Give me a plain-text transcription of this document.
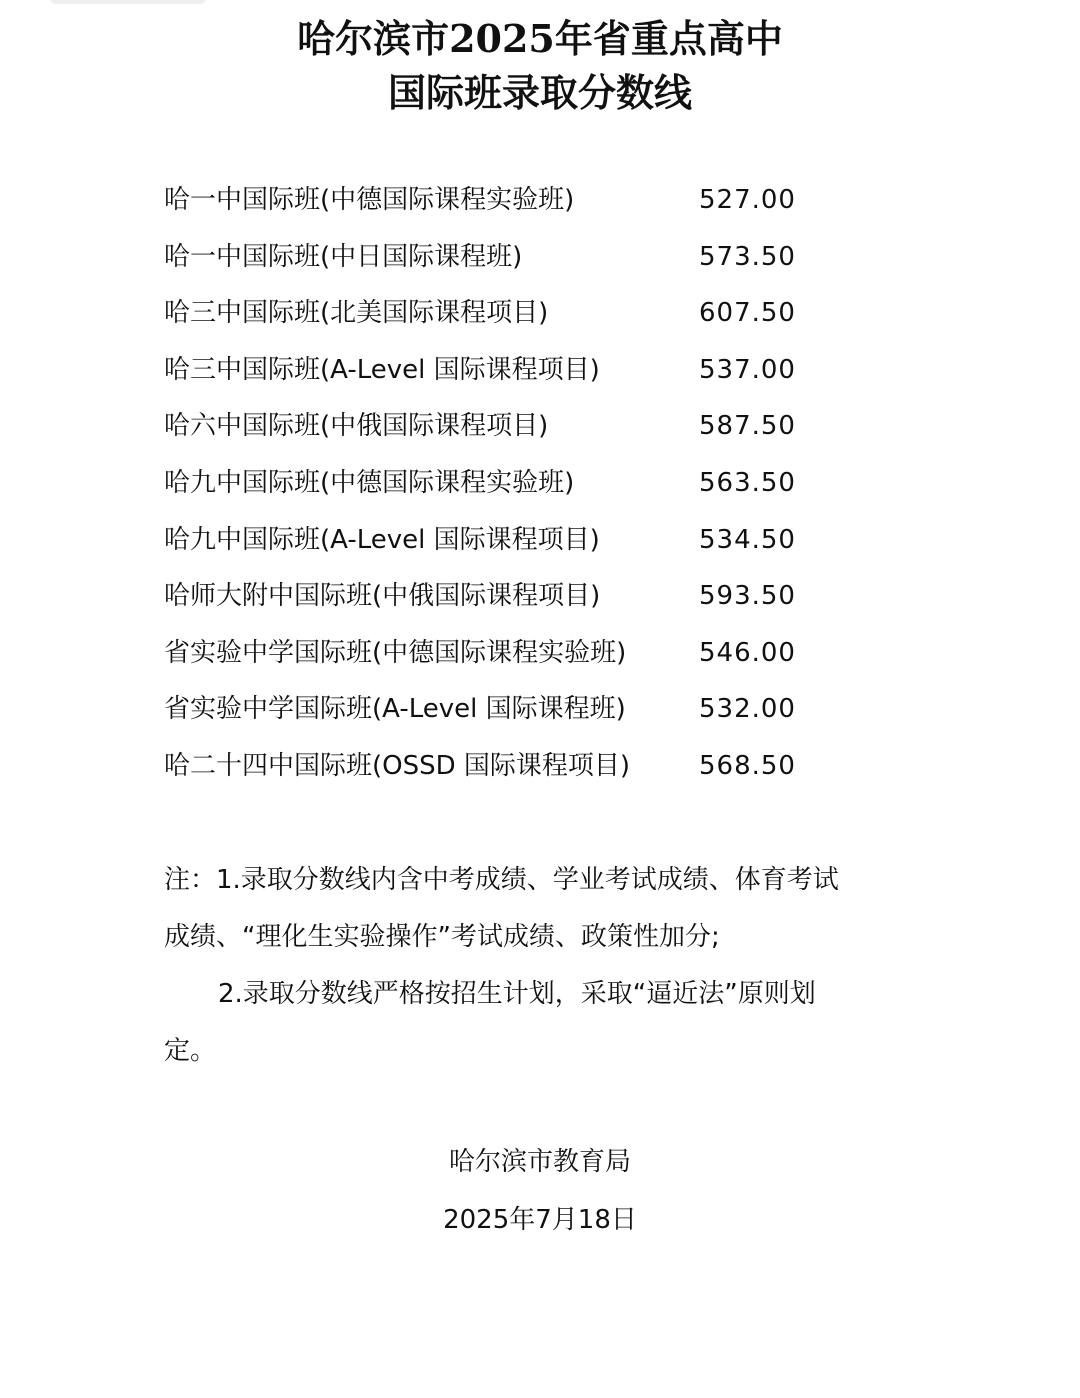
哈尔滨市2025年省重点高中
国际班录取分数线
哈一中国际班(中德国际课程实验班)	527.00
哈一中国际班(中日国际课程班)	573.50
哈三中国际班(北美国际课程项目)	607.50
哈三中国际班(A-Level 国际课程项目)	537.00
哈六中国际班(中俄国际课程项目)	587.50
哈九中国际班(中德国际课程实验班)	563.50
哈九中国际班(A-Level 国际课程项目)	534.50
哈师大附中国际班(中俄国际课程项目)	593.50
省实验中学国际班(中德国际课程实验班)	546.00
省实验中学国际班(A-Level 国际课程班)	532.00
哈二十四中国际班(OSSD 国际课程项目)	568.50
注：1.录取分数线内含中考成绩、学业考试成绩、体育考试
成绩、“理化生实验操作”考试成绩、政策性加分;
2.录取分数线严格按招生计划，采取“逼近法”原则划
定。
哈尔滨市教育局
2025年7月18日
